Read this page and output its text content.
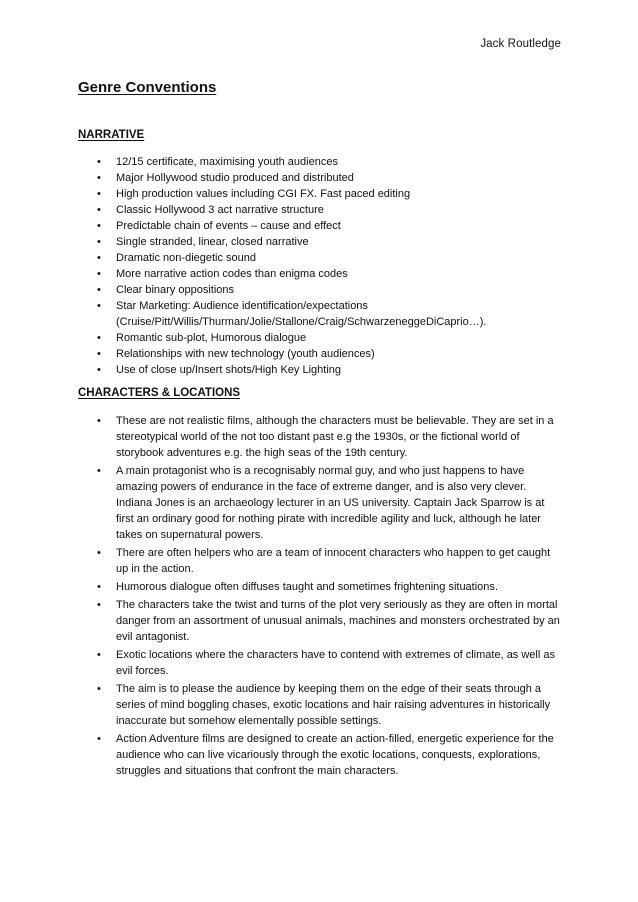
Jack Routledge
Genre Conventions
NARRATIVE
• 12/15 certificate, maximising youth audiences
• Major Hollywood studio produced and distributed
• High production values including CGI FX. Fast paced editing
• Classic Hollywood 3 act narrative structure
• Predictable chain of events – cause and effect
• Single stranded, linear, closed narrative
• Dramatic non-diegetic sound
• More narrative action codes than enigma codes
• Clear binary oppositions
• Star Marketing: Audience identification/expectations (Cruise/Pitt/Willis/Thurman/Jolie/Stallone/Craig/SchwarzeneggeDiCaprio…).
• Romantic sub-plot, Humorous dialogue
• Relationships with new technology (youth audiences)
• Use of close up/Insert shots/High Key Lighting
CHARACTERS & LOCATIONS
• These are not realistic films, although the characters must be believable. They are set in a stereotypical world of the not too distant past e.g the 1930s, or the fictional world of storybook adventures e.g. the high seas of the 19th century.
• A main protagonist who is a recognisably normal guy, and who just happens to have amazing powers of endurance in the face of extreme danger, and is also very clever. Indiana Jones is an archaeology lecturer in an US university. Captain Jack Sparrow is at first an ordinary good for nothing pirate with incredible agility and luck, although he later takes on supernatural powers.
• There are often helpers who are a team of innocent characters who happen to get caught up in the action.
• Humorous dialogue often diffuses taught and sometimes frightening situations.
• The characters take the twist and turns of the plot very seriously as they are often in mortal danger from an assortment of unusual animals, machines and monsters orchestrated by an evil antagonist.
• Exotic locations where the characters have to contend with extremes of climate, as well as evil forces.
• The aim is to please the audience by keeping them on the edge of their seats through a series of mind boggling chases, exotic locations and hair raising adventures in historically inaccurate but somehow elementally possible settings.
• Action Adventure films are designed to create an action-filled, energetic experience for the audience who can live vicariously through the exotic locations, conquests, explorations, struggles and situations that confront the main characters.
